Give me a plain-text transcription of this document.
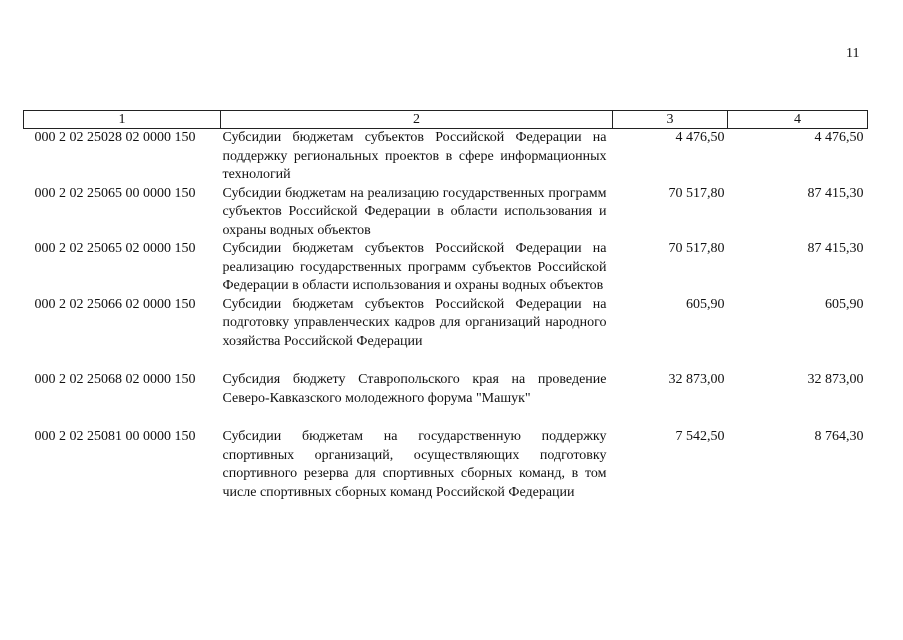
11
1	2	3	4
000 2 02 25028 02 0000 150	Субсидии бюджетам субъектов Российской Федерации на поддержку региональных проектов в сфере информационных технологий	4 476,50	4 476,50
000 2 02 25065 00 0000 150	Субсидии бюджетам на реализацию государственных программ субъектов Российской Федерации в области использования и охраны водных объектов	70 517,80	87 415,30
000 2 02 25065 02 0000 150	Субсидии бюджетам субъектов Российской Федерации на реализацию государственных программ субъектов Российской Федерации в области использования и охраны водных объектов	70 517,80	87 415,30
000 2 02 25066 02 0000 150	Субсидии бюджетам субъектов Российской Федерации на подготовку управленческих кадров для организаций народного хозяйства Российской Федерации	605,90	605,90
000 2 02 25068 02 0000 150	Субсидия бюджету Ставропольского края на проведение Северо-Кавказского молодежного форума "Машук"	32 873,00	32 873,00
000 2 02 25081 00 0000 150	Субсидии бюджетам на государственную поддержку спортивных организаций, осуществляющих подготовку спортивного резерва для спортивных сборных команд, в том числе спортивных сборных команд Российской Федерации	7 542,50	8 764,30
